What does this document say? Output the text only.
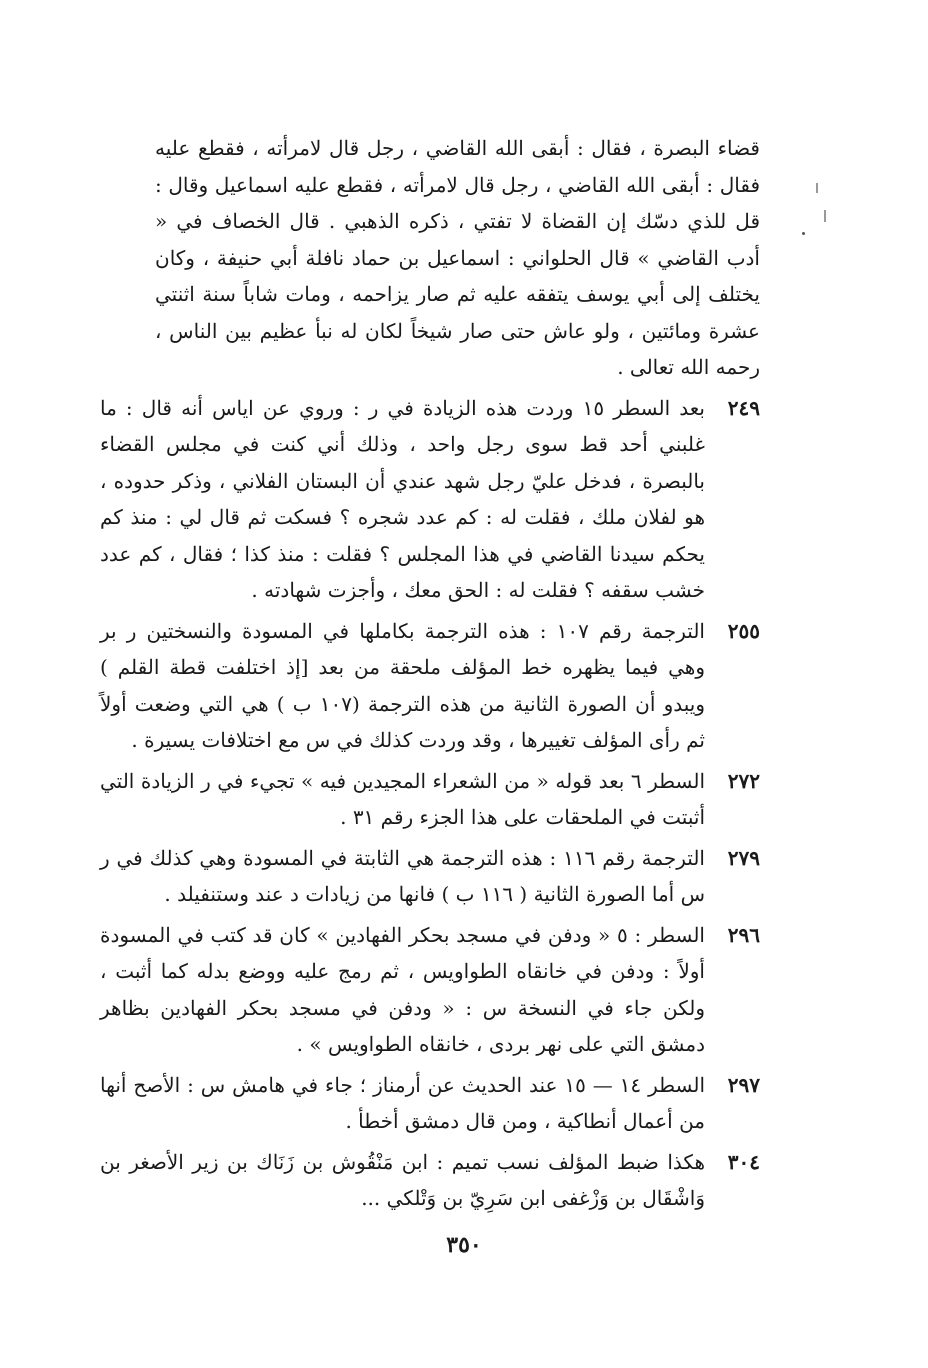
قضاء البصرة ، فقال : أبقى الله القاضي ، رجل قال لامرأته ، فقطع عليه فقال : أبقى الله القاضي ، رجل قال لامرأته ، فقطع عليه اسماعيل وقال : قل للذي دسّك إن القضاة لا تفتي ، ذكره الذهبي . قال الخصاف في « أدب القاضي » قال الحلواني : اسماعيل بن حماد نافلة أبي حنيفة ، وكان يختلف إلى أبي يوسف يتفقه عليه ثم صار يزاحمه ، ومات شاباً سنة اثنتي عشرة ومائتين ، ولو عاش حتى صار شيخاً لكان له نبأ عظيم بين الناس ، رحمه الله تعالى .
٢٤٩
بعد السطر ١٥ وردت هذه الزيادة في ر : وروي عن اياس أنه قال : ما غلبني أحد قط سوى رجل واحد ، وذلك أني كنت في مجلس القضاء بالبصرة ، فدخل عليّ رجل شهد عندي أن البستان الفلاني ، وذكر حدوده ، هو لفلان ملك ، فقلت له : كم عدد شجره ؟ فسكت ثم قال لي : منذ كم يحكم سيدنا القاضي في هذا المجلس ؟ فقلت : منذ كذا ؛ فقال ، كم عدد خشب سقفه ؟ فقلت له : الحق معك ، وأجزت شهادته .
٢٥٥
الترجمة رقم ١٠٧ : هذه الترجمة بكاملها في المسودة والنسختين ر بر وهي فيما يظهره خط المؤلف ملحقة من بعد [إذ اختلفت قطة القلم ) ويبدو أن الصورة الثانية من هذه الترجمة (١٠٧ ب ) هي التي وضعت أولاً ثم رأى المؤلف تغييرها ، وقد وردت كذلك في س مع اختلافات يسيرة .
٢٧٢
السطر ٦ بعد قوله « من الشعراء المجيدين فيه » تجيء في ر الزيادة التي أثبتت في الملحقات على هذا الجزء رقم ٣١ .
٢٧٩
الترجمة رقم ١١٦ : هذه الترجمة هي الثابتة في المسودة وهي كذلك في ر س أما الصورة الثانية ( ١١٦ ب ) فانها من زيادات د عند وستنفيلد .
٢٩٦
السطر : ٥ « ودفن في مسجد بحكر الفهادين » كان قد كتب في المسودة أولاً : ودفن في خانقاه الطواويس ، ثم رمج عليه ووضع بدله كما أثبت ، ولكن جاء في النسخة س : « ودفن في مسجد بحكر الفهادين بظاهر دمشق التي على نهر بردى ، خانقاه الطواويس » .
٢٩٧
السطر ١٤ — ١٥ عند الحديث عن أرمناز ؛ جاء في هامش س : الأصح أنها من أعمال أنطاكية ، ومن قال دمشق أخطأ .
٣٠٤
هكذا ضبط المؤلف نسب تميم : ابن مَنْقُوش بن زَنَاك بن زير الأصغر بن وَاشْقَال بن وَزْغفى ابن سَرِيّ بن وَتْلكي ...
٣٥٠
